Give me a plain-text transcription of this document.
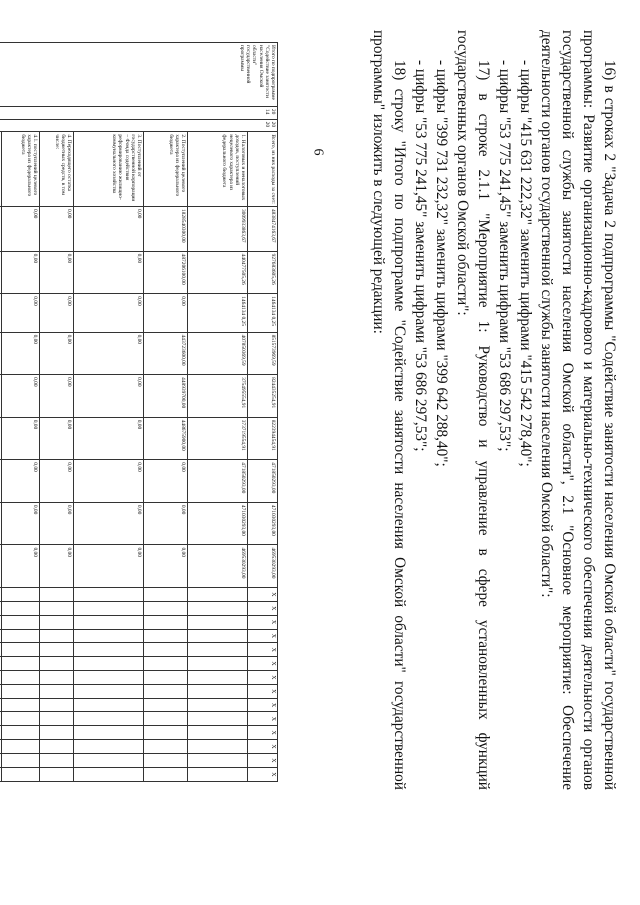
6	16) в строках 2 "Задача 2 подпрограммы "Содействие занятости населения Омской области" государственной программы: Развитие организационно-кадрового и материально-технического обеспечения деятельности органов государственной службы занятости населения Омской области", 2.1 "Основное мероприятие: Обеспечение деятельности органов государственной службы занятости населения Омской области":

- цифры "415 631 222,32" заменить цифрами "415 542 278,40";

- цифры "53 775 241,45" заменить цифрами "53 686 297,53";

17) в строке 2.1.1 "Мероприятие 1: Руководство и управление в сфере установленных функций государственных органов Омской области":

- цифры "399 731 232,32" заменить цифрами "399 642 288,40";

- цифры "53 775 241,45" заменить цифрами "53 686 297,53";

18) строку "Итого по подпрограмме "Содействие занятости населения Омской области" государственной программы" изложить в следующей редакции:

Итого по подпрограмме "Содействие занятости населения Омской области" государственной программы	2014	2020	Всего, из них расходы за счет:	4838474163,67	927683605,26	1464134 0,25	851573969,59	824435254,91	822394454,91	471850293,00	471030293,00	469530293,00	X	X	X	X	X	X	X	X	X	X	X	X	X	X
			1. Налоговых и неналоговых доходов, поступлений нецелевого характера из федерального бюджета	3009933863,67	440477505,26	1464134 0,25	407850369,59	375495554,91	373719554,91	471850293,00	471030293,00	469530293,00														
			2. Поступлений целевого характера из федерального бюджета	1828540300,00	487206100,00	0,00	443723600,00	448939700,00	448675900,00	0,00	0,00	0,00														
			3. Поступлений от государственной корпорации – Фонда содействия реформированию жилищно-коммунального хозяйства	0,00	0,00	0,00	0,00	0,00	0,00	0,00	0,00	0,00														
			4. Переходящего остатка бюджетных средств, в том числе:	0,00	0,00	0,00	0,00	0,00	0,00	0,00	0,00	0,00														
			4.1. поступлений целевого характера из федерального бюджета	0,00	0,00	0,00	0,00	0,00	0,00	0,00	0,00	0,00														
